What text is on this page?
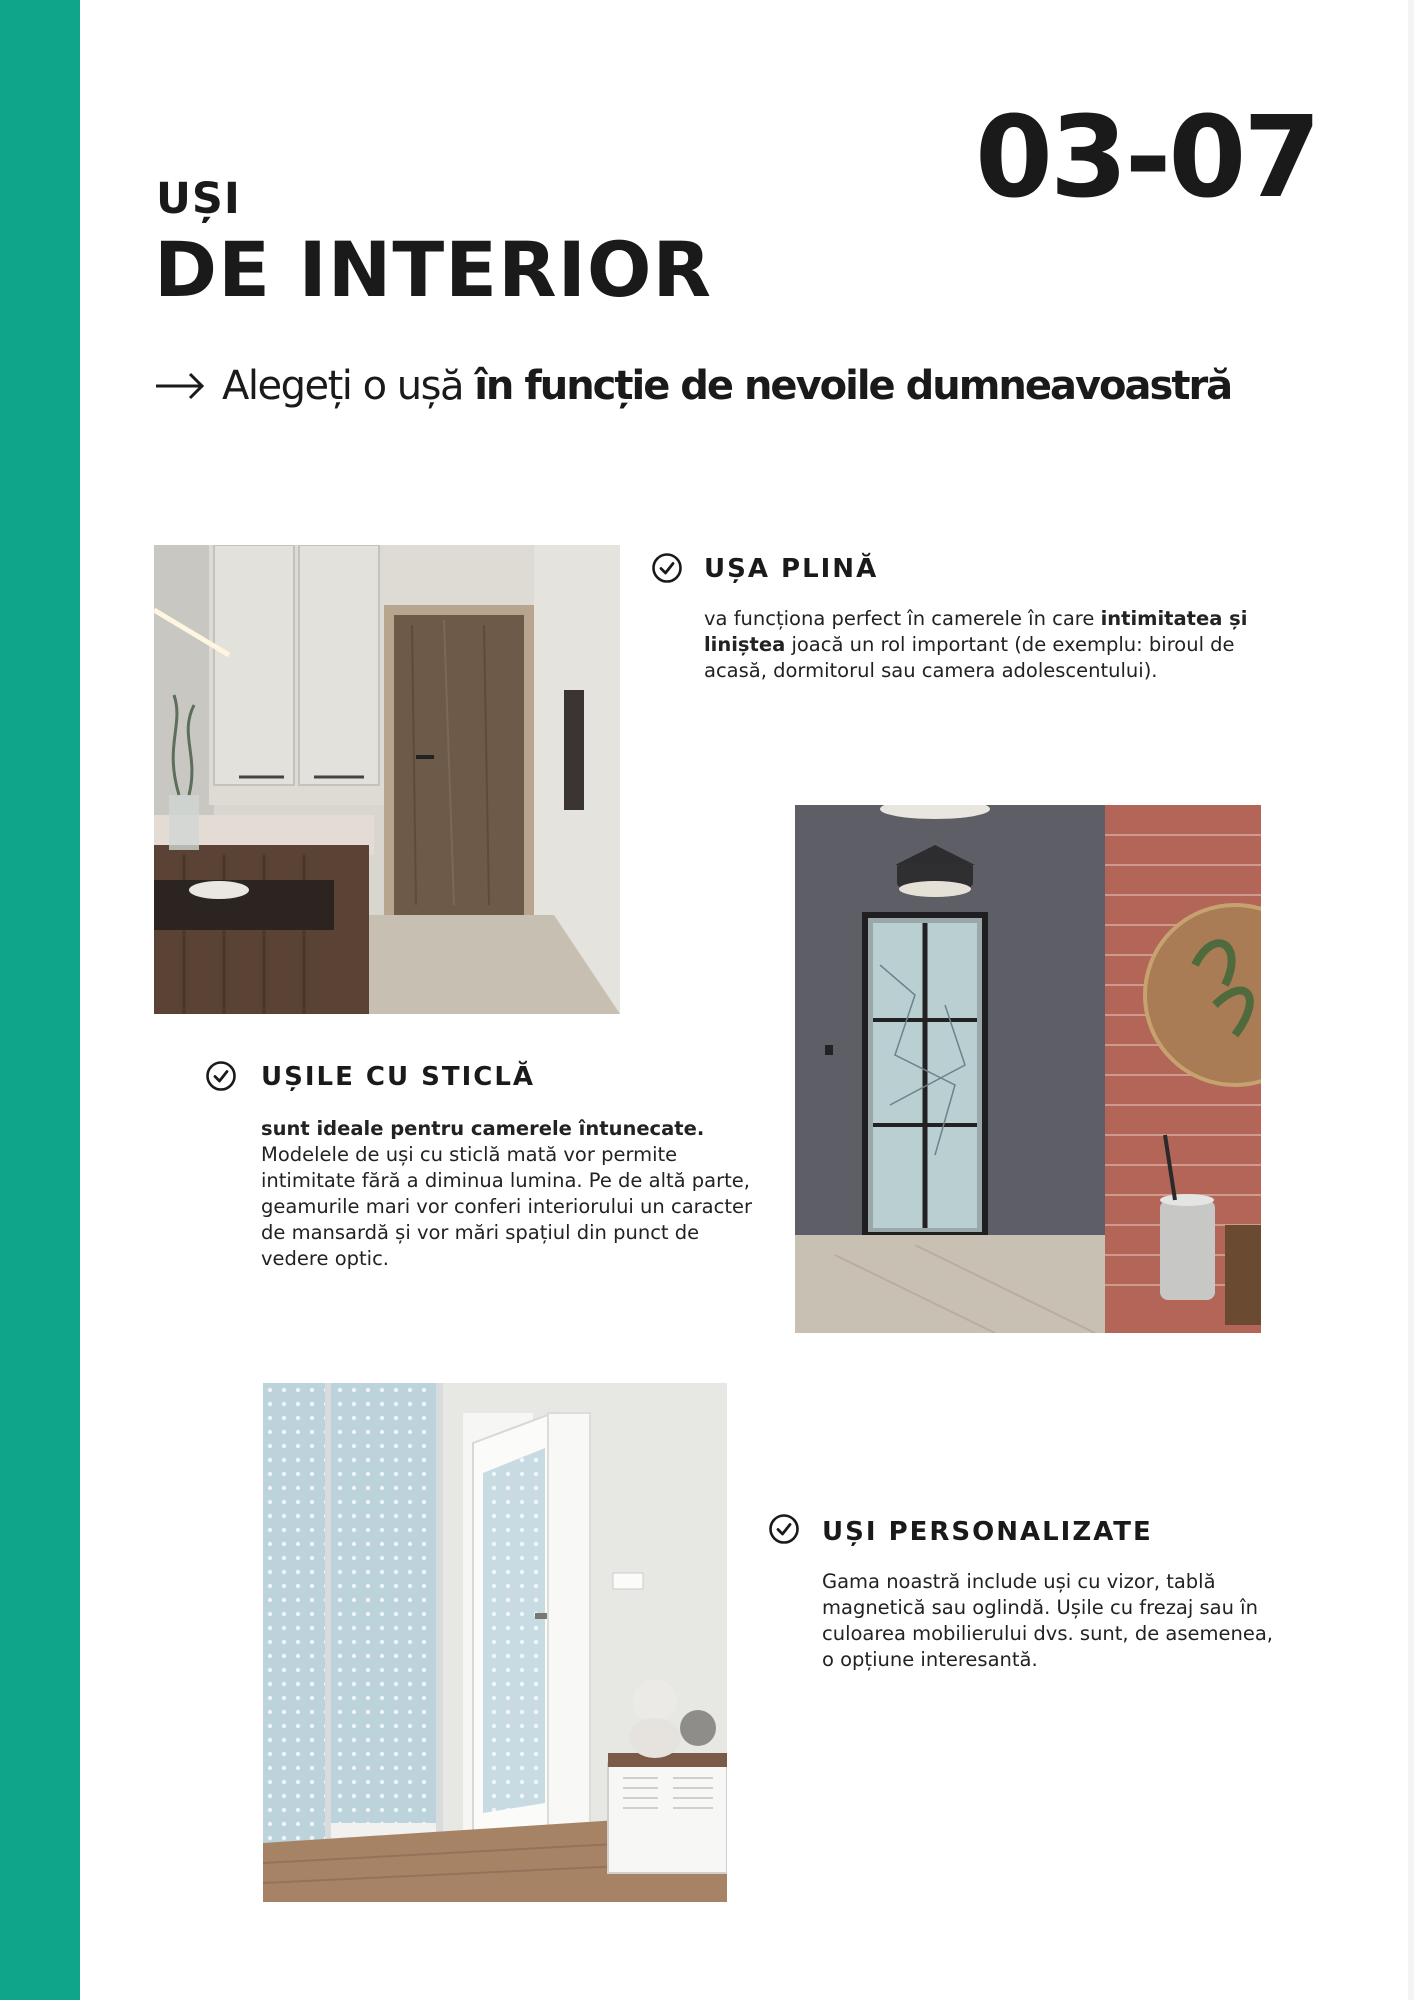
03-07
UȘI
DE INTERIOR
Alegeți o ușă în funcție de nevoile dumneavoastră
UȘA PLINĂ
va funcționa perfect în camerele în care intimitatea și liniștea joacă un rol important (de exemplu: biroul de acasă, dormitorul sau camera adolescentului).
UȘILE CU STICLĂ
sunt ideale pentru camerele întunecate. Modelele de uși cu sticlă mată vor permite intimitate fără a diminua lumina. Pe de altă parte, geamurile mari vor conferi interiorului un caracter de mansardă și vor mări spațiul din punct de vedere optic.
UȘI PERSONALIZATE
Gama noastră include uși cu vizor, tablă magnetică sau oglindă. Ușile cu frezaj sau în culoarea mobilierului dvs. sunt, de asemenea, o opțiune interesantă.
